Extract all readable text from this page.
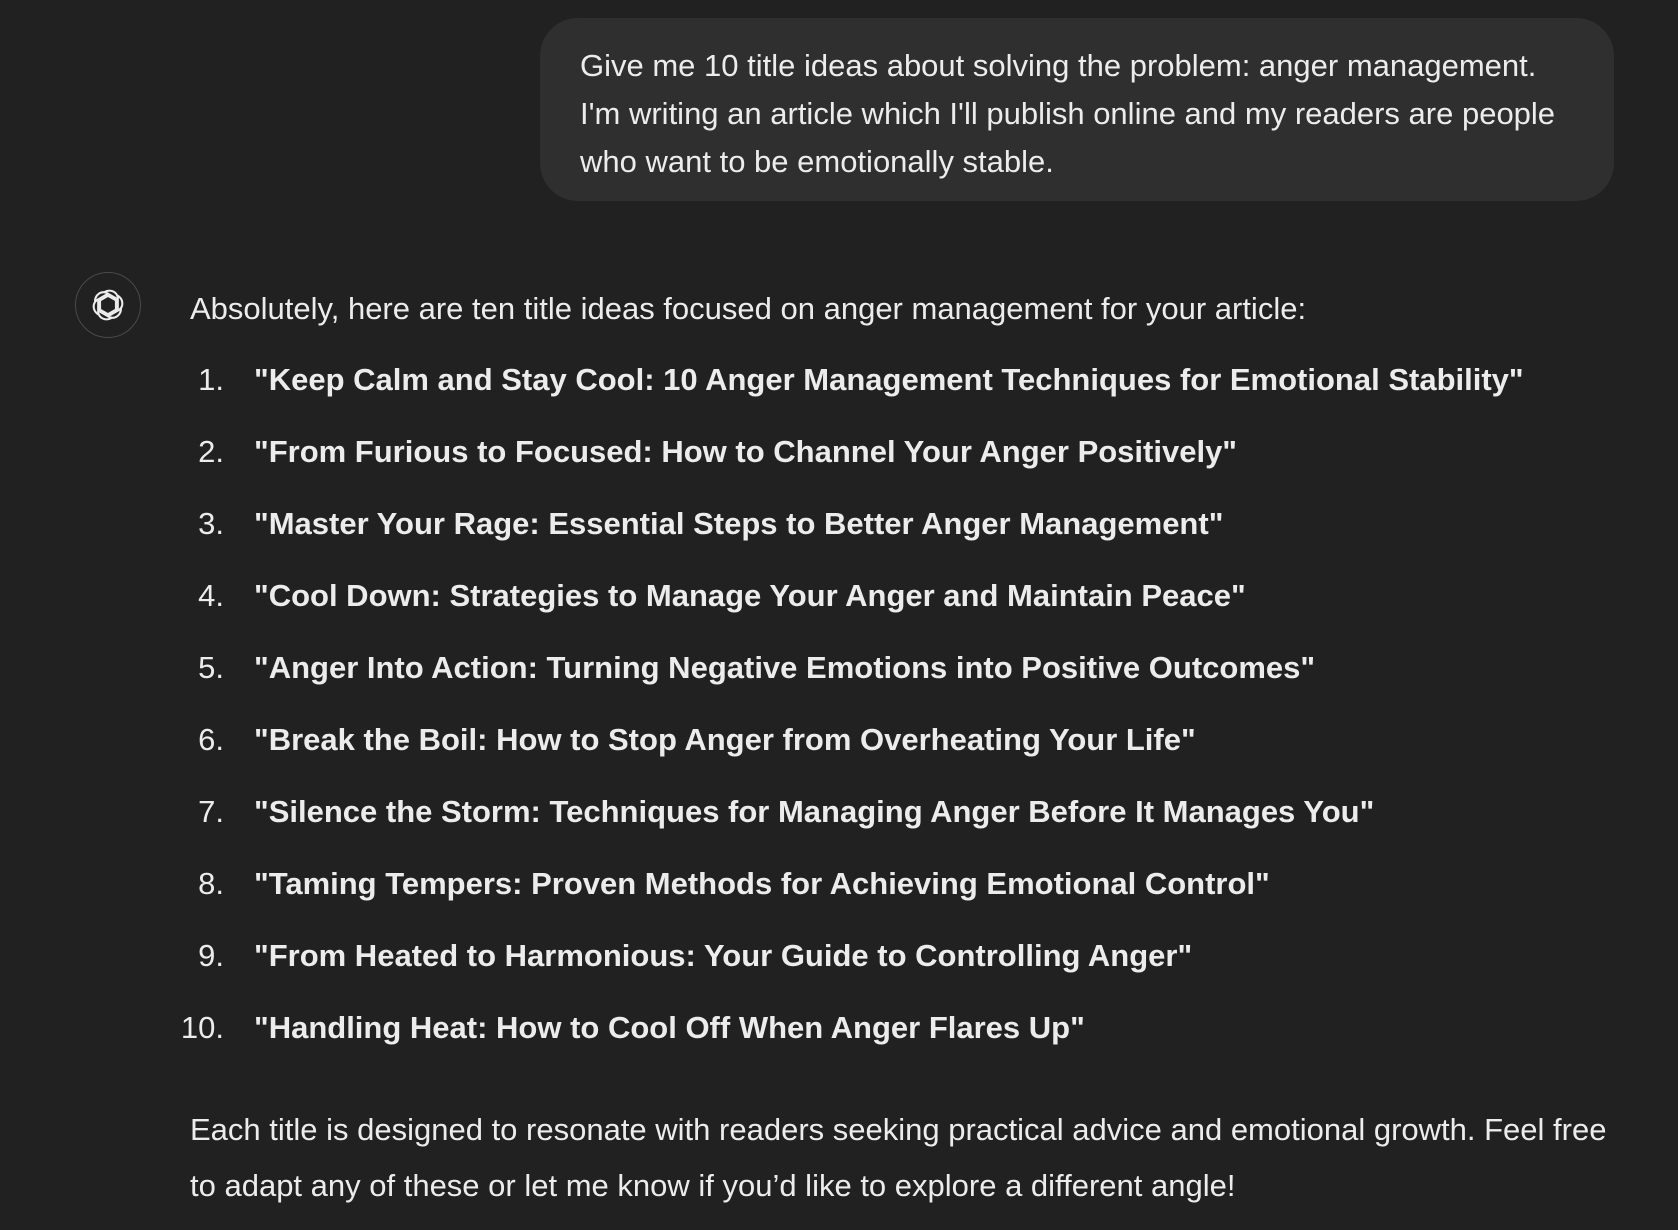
Give me 10 title ideas about solving the problem: anger management. I'm writing an article which I'll publish online and my readers are people who want to be emotionally stable.
Absolutely, here are ten title ideas focused on anger management for your article:
1. "Keep Calm and Stay Cool: 10 Anger Management Techniques for Emotional Stability"
2. "From Furious to Focused: How to Channel Your Anger Positively"
3. "Master Your Rage: Essential Steps to Better Anger Management"
4. "Cool Down: Strategies to Manage Your Anger and Maintain Peace"
5. "Anger Into Action: Turning Negative Emotions into Positive Outcomes"
6. "Break the Boil: How to Stop Anger from Overheating Your Life"
7. "Silence the Storm: Techniques for Managing Anger Before It Manages You"
8. "Taming Tempers: Proven Methods for Achieving Emotional Control"
9. "From Heated to Harmonious: Your Guide to Controlling Anger"
10. "Handling Heat: How to Cool Off When Anger Flares Up"
Each title is designed to resonate with readers seeking practical advice and emotional growth. Feel free to adapt any of these or let me know if you’d like to explore a different angle!
